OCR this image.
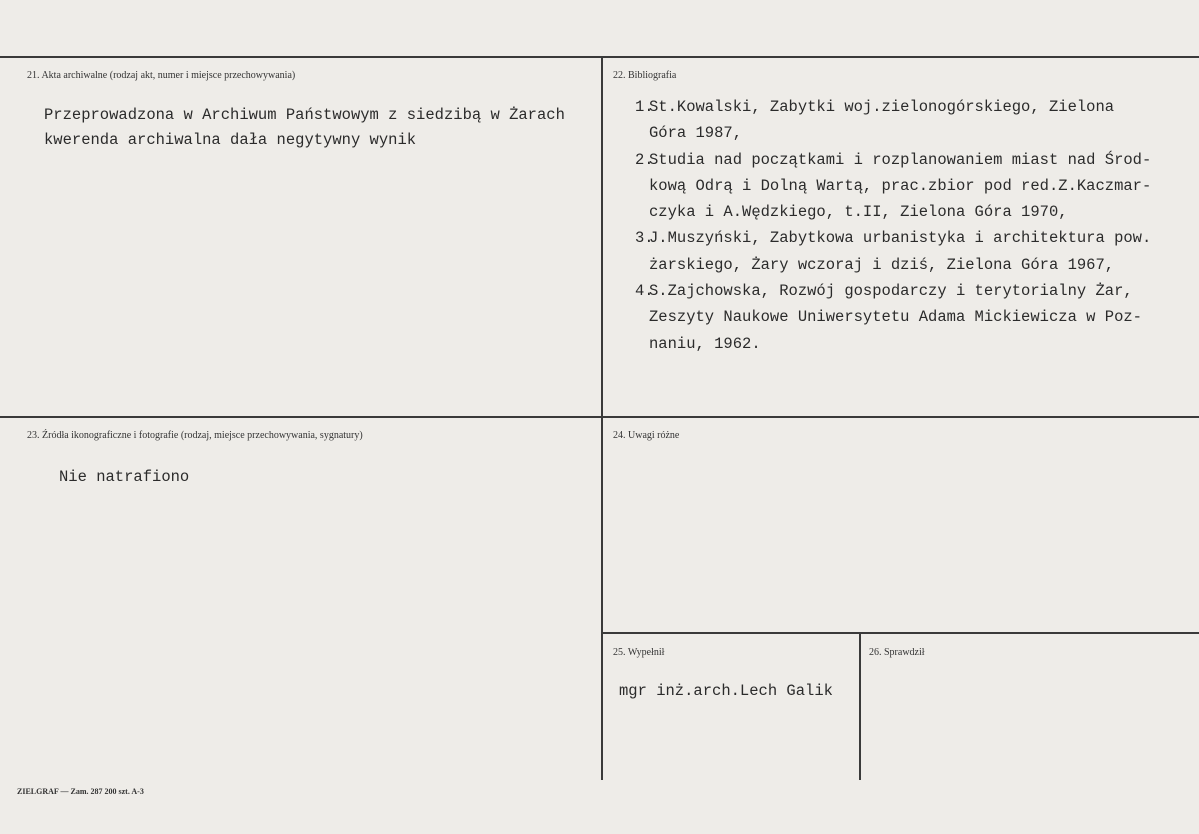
21. Akta archiwalne (rodzaj akt, numer i miejsce przechowywania)
Przeprowadzona w Archiwum Państwowym z siedzibą w Żarach
kwerenda archiwalna dała negytywny wynik
22. Bibliografia
1.St.Kowalski, Zabytki woj.zielonogórskiego, Zielona
Góra 1987,
2.Studia nad początkami i rozplanowaniem miast nad Środ-
kową Odrą i Dolną Wartą, prac.zbior pod red.Z.Kaczmar-
czyka i A.Wędzkiego, t.II, Zielona Góra 1970,
3.J.Muszyński, Zabytkowa urbanistyka i architektura pow.
żarskiego, Żary wczoraj i dziś, Zielona Góra 1967,
4.S.Zajchowska, Rozwój gospodarczy i terytorialny Żar,
Zeszyty Naukowe Uniwersytetu Adama Mickiewicza w Poz-
naniu, 1962.
23. Źródła ikonograficzne i fotografie (rodzaj, miejsce przechowywania, sygnatury)
Nie natrafiono
24. Uwagi różne
25. Wypełnił
mgr inż.arch.Lech Galik
26. Sprawdził
ZIELGRAF — Zam. 287 200 szt. A-3
